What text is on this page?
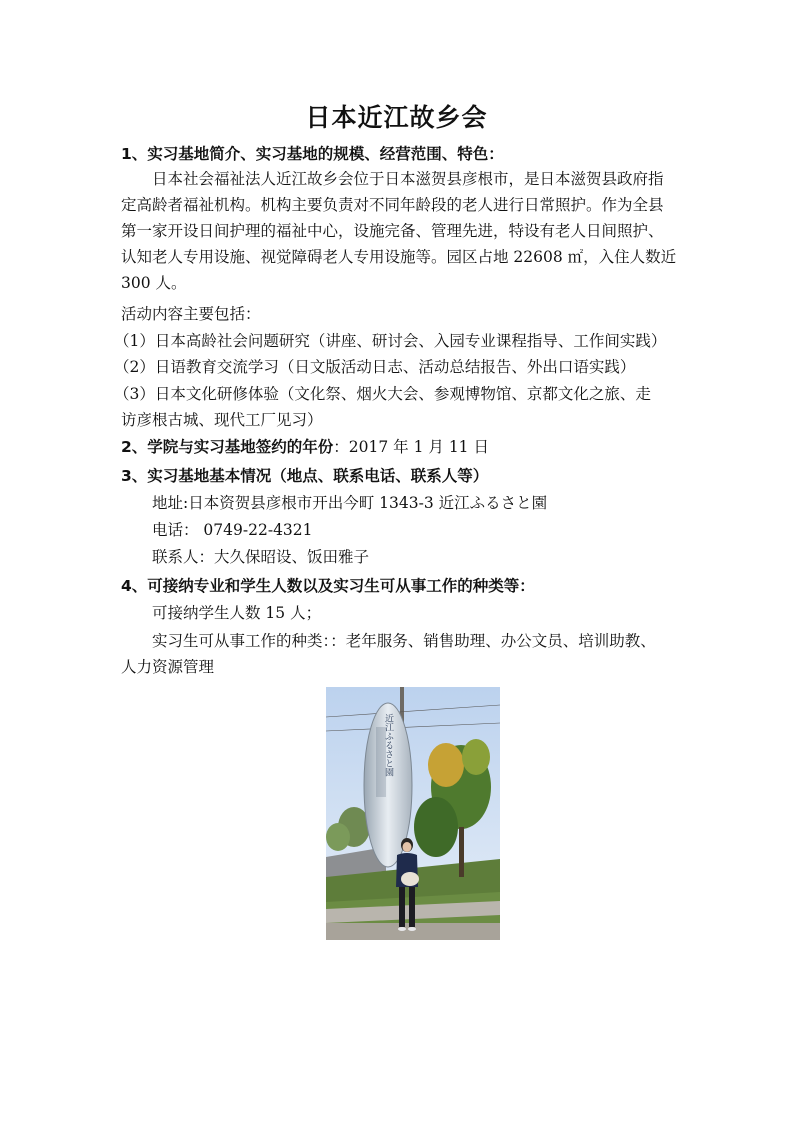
日本近江故乡会
1、实习基地简介、实习基地的规模、经营范围、特色：
日本社会福祉法人近江故乡会位于日本滋贺县彦根市，是日本滋贺县政府指
定高龄者福祉机构。机构主要负责对不同年龄段的老人进行日常照护。作为全县
第一家开设日间护理的福祉中心，设施完备、管理先进，特设有老人日间照护、
认知老人专用设施、视觉障碍老人专用设施等。园区占地 22608 ㎡，入住人数近
300 人。
活动内容主要包括：
（1）日本高龄社会问题研究（讲座、研讨会、入园专业课程指导、工作间实践）
（2）日语教育交流学习（日文版活动日志、活动总结报告、外出口语实践）
（3）日本文化研修体验（文化祭、烟火大会、参观博物馆、京都文化之旅、走
访彦根古城、现代工厂见习）
2、学院与实习基地签约的年份：2017 年 1 月 11 日
3、实习基地基本情况（地点、联系电话、联系人等）
地址:日本资贺县彦根市开出今町 1343-3 近江ふるさと園
电话： 0749-22-4321
联系人：大久保昭设、饭田雅子
4、可接纳专业和学生人数以及实习生可从事工作的种类等：
可接纳学生人数 15 人；
实习生可从事工作的种类：：老年服务、销售助理、办公文员、培训助教、
人力资源管理
近江ふるさと園
